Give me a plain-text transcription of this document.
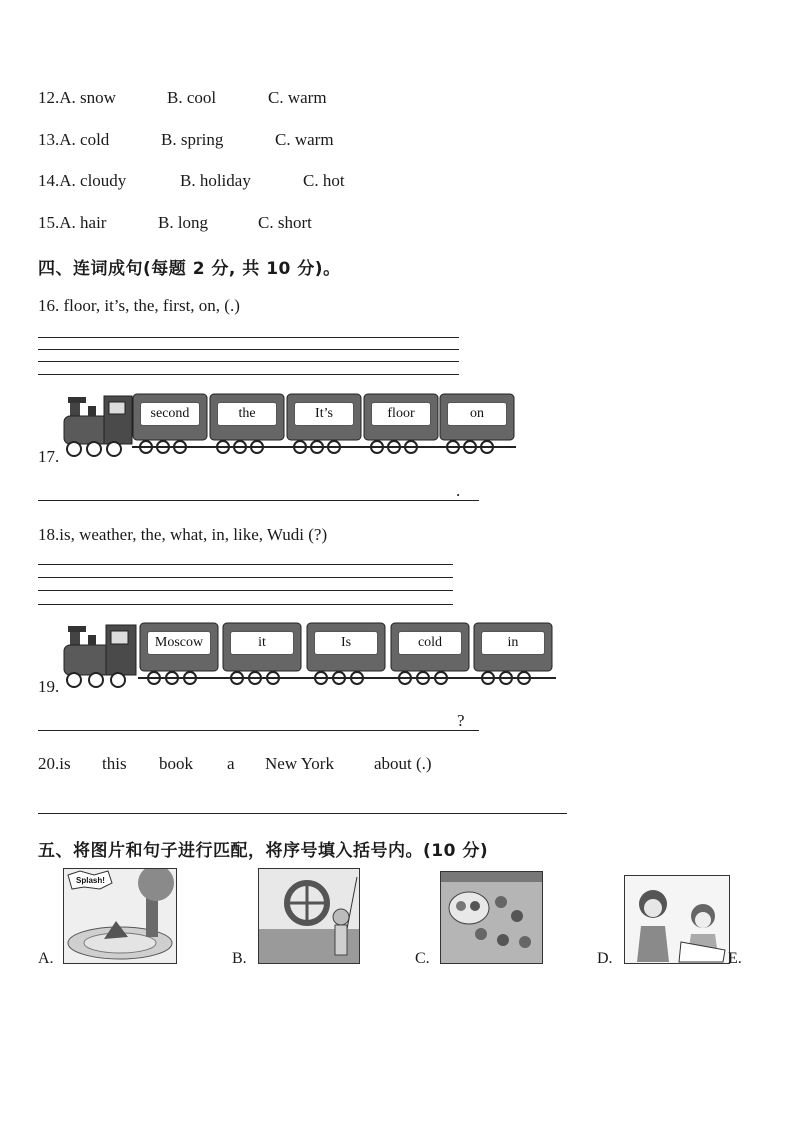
12.A. snow	B. cool	C. warm
13.A. cold	B. spring	C. warm
14.A. cloudy	B. holiday	C. hot
15.A. hair	B. long	C. short
四、连词成句(每题 2 分, 共 10 分)。
16. floor, it’s, the, first, on, (.)
17.
second	the	It’s	floor	on
.
18.is, weather, the, what, in, like, Wudi (?)
19.
Moscow	it	Is	cold	in
?
20.is this book a New York about (.)
五、将图片和句子进行匹配，将序号填入括号内。(10 分)
A.
Splash!
B.	C.	D.	E.
